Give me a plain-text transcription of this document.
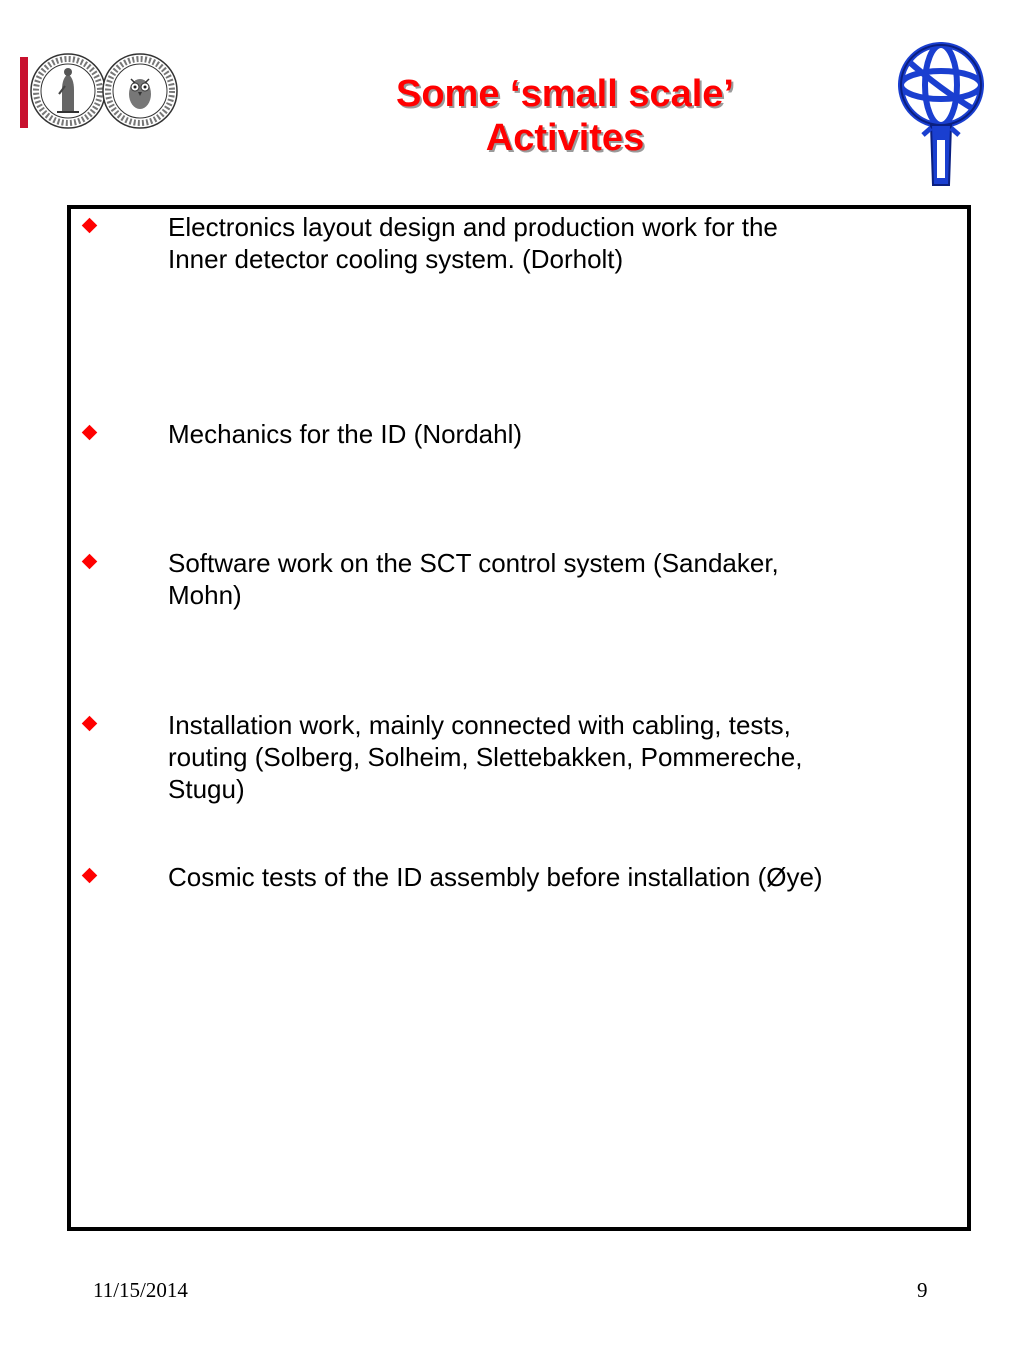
Some ‘small scale’
Activites
Electronics layout design and production work for the
Inner detector cooling system. (Dorholt)
Mechanics for the ID (Nordahl)
Software work on the SCT control system (Sandaker,
Mohn)
Installation work, mainly connected with cabling, tests,
routing (Solberg, Solheim, Slettebakken, Pommereche,
Stugu)
Cosmic tests of the ID assembly before installation (Øye)
11/15/2014	9
